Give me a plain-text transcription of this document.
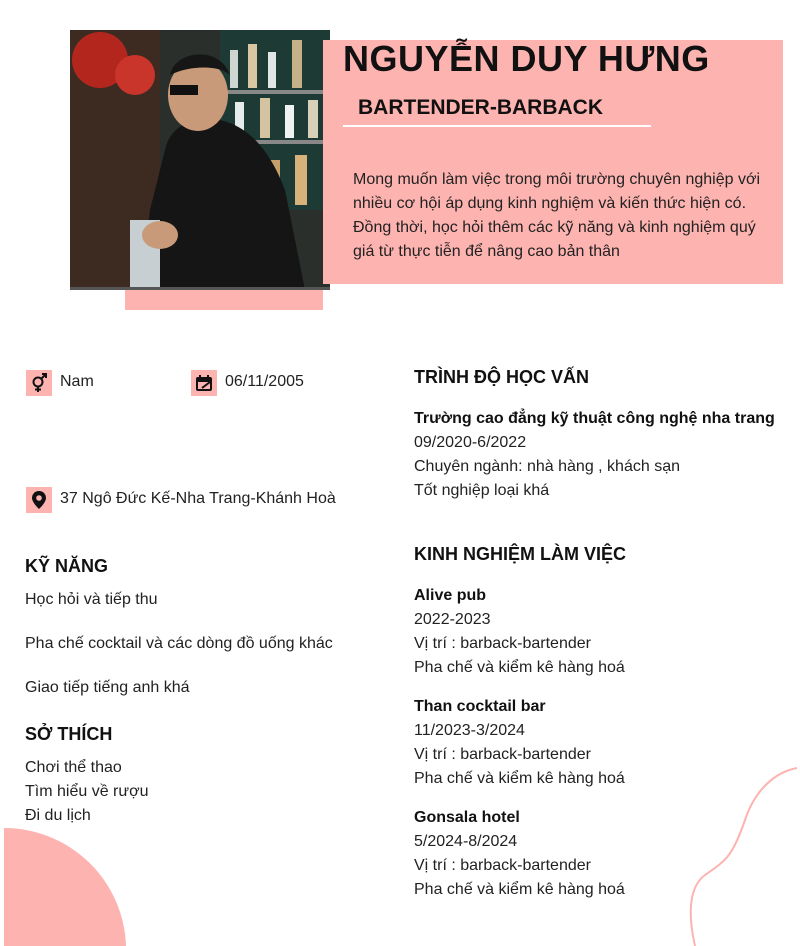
NGUYỄN DUY HƯNG
BARTENDER-BARBACK
Mong muốn làm việc trong môi trường chuyên nghiệp với nhiều cơ hội áp dụng kinh nghiệm và kiến thức hiện có. Đồng thời, học hỏi thêm các kỹ năng và kinh nghiệm quý giá từ thực tiễn để nâng cao bản thân
Nam	06/11/2005
37 Ngô Đức Kế-Nha Trang-Khánh Hoà
KỸ NĂNG
Học hỏi và tiếp thu
Pha chế cocktail và các dòng đồ uống khác
Giao tiếp tiếng anh khá
SỞ THÍCH
Chơi thể thao
Tìm hiểu về rượu
Đi du lịch
TRÌNH ĐỘ HỌC VẤN
Trường cao đẳng kỹ thuật công nghệ nha trang
09/2020-6/2022
Chuyên ngành: nhà hàng , khách sạn
Tốt nghiệp loại khá
KINH NGHIỆM LÀM VIỆC
Alive pub
2022-2023
Vị trí : barback-bartender
Pha chế và kiểm kê hàng hoá
Than cocktail bar
11/2023-3/2024
Vị trí : barback-bartender
Pha chế và kiểm kê hàng hoá
Gonsala hotel
5/2024-8/2024
Vị trí : barback-bartender
Pha chế và kiểm kê hàng hoá
